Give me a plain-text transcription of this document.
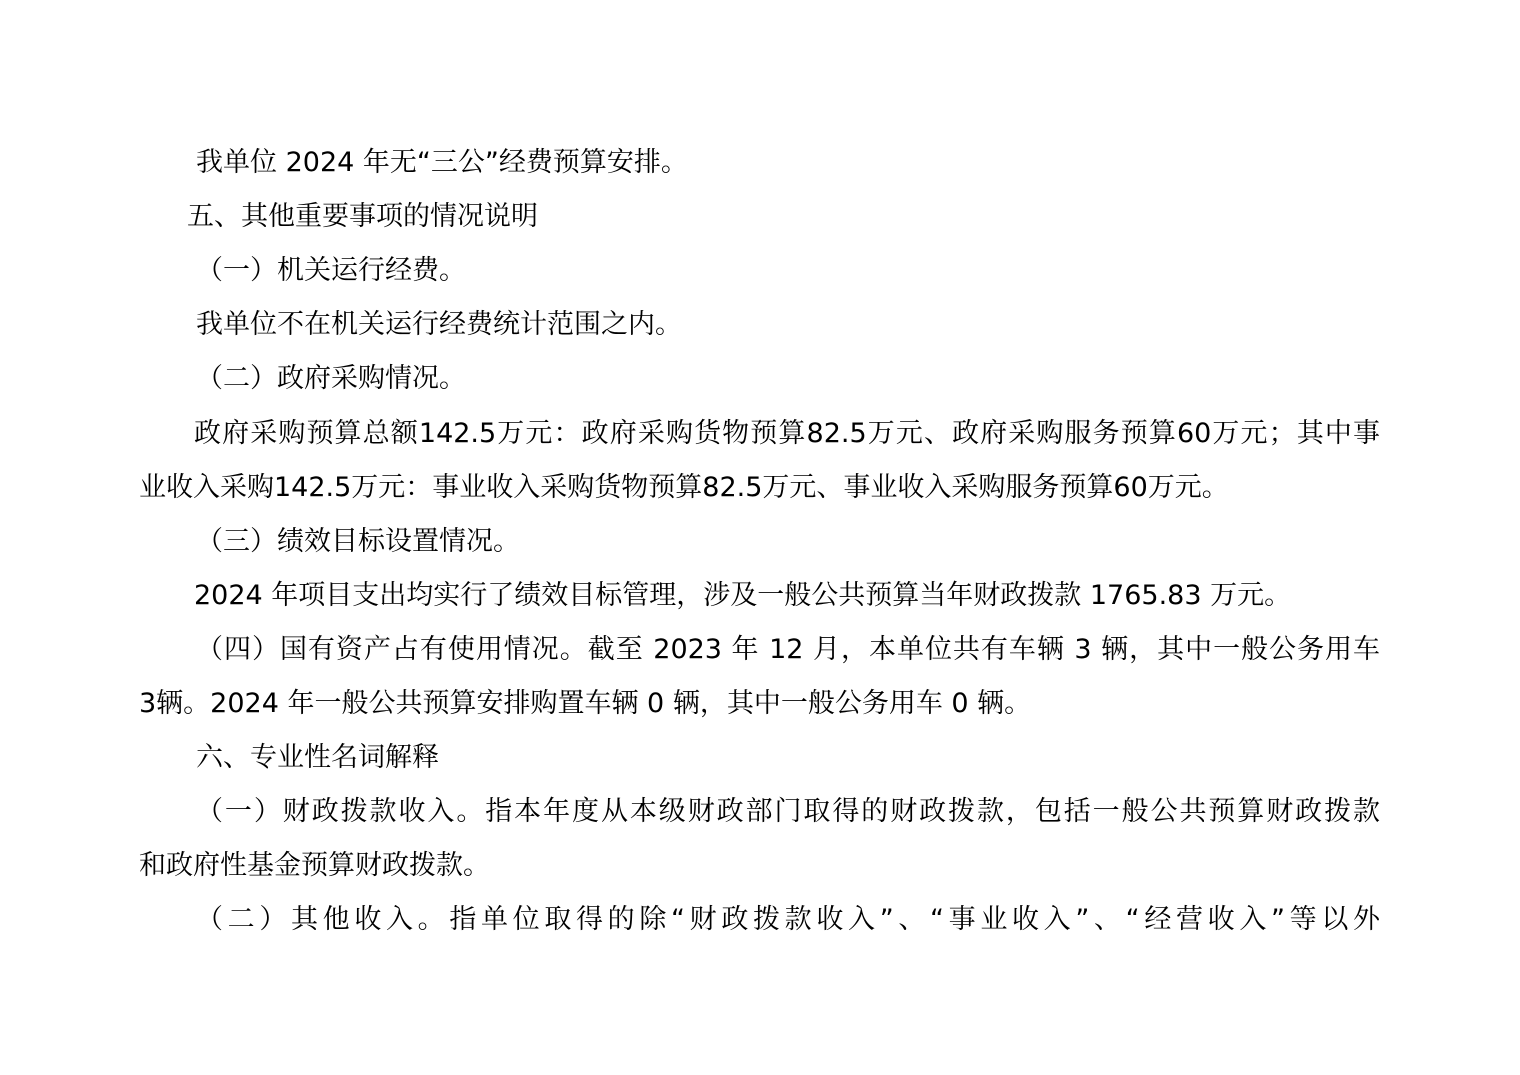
我单位 2024 年无“三公”经费预算安排。
五、其他重要事项的情况说明
（一）机关运行经费。
我单位不在机关运行经费统计范围之内。
（二）政府采购情况。
政府采购预算总额142.5万元：政府采购货物预算82.5万元、政府采购服务预算60万元；其中事
业收入采购142.5万元：事业收入采购货物预算82.5万元、事业收入采购服务预算60万元。
（三）绩效目标设置情况。
2024 年项目支出均实行了绩效目标管理，涉及一般公共预算当年财政拨款 1765.83 万元。
（四）国有资产占有使用情况。截至 2023 年 12 月，本单位共有车辆 3 辆，其中一般公务用车
3辆。2024 年一般公共预算安排购置车辆 0 辆，其中一般公务用车 0 辆。
六、专业性名词解释
（一）财政拨款收入。指本年度从本级财政部门取得的财政拨款，包括一般公共预算财政拨款
和政府性基金预算财政拨款。
（二）其他收入。指单位取得的除“财政拨款收入”、“事业收入”、“经营收入”等以外
